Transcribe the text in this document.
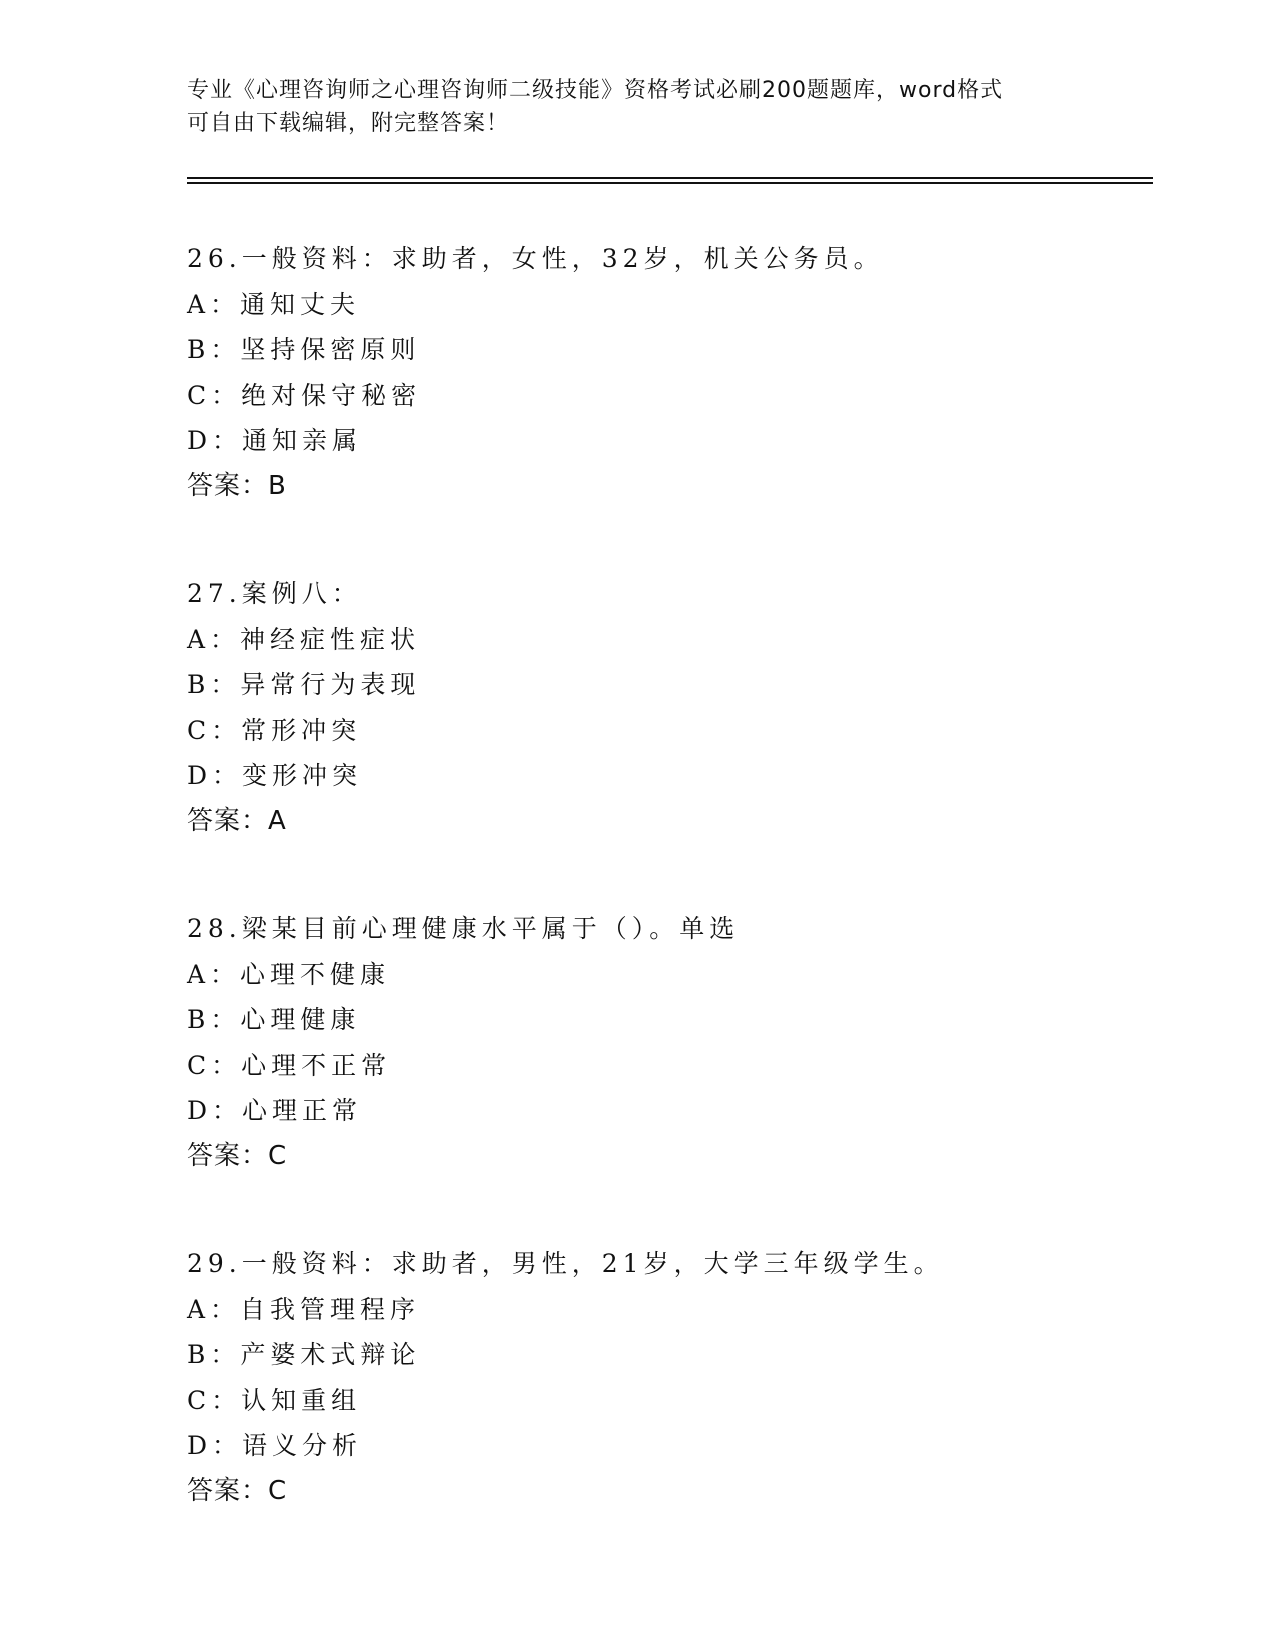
专业《心理咨询师之心理咨询师二级技能》资格考试必刷200题题库，word格式
可自由下载编辑，附完整答案！
26.一般资料：求助者，女性，32岁，机关公务员。
A：通知丈夫
B：坚持保密原则
C：绝对保守秘密
D：通知亲属
答案：B
27.案例八：
A：神经症性症状
B：异常行为表现
C：常形冲突
D：变形冲突
答案：A
28.梁某目前心理健康水平属于（）。单选
A：心理不健康
B：心理健康
C：心理不正常
D：心理正常
答案：C
29.一般资料：求助者，男性，21岁，大学三年级学生。
A：自我管理程序
B：产婆术式辩论
C：认知重组
D：语义分析
答案：C
